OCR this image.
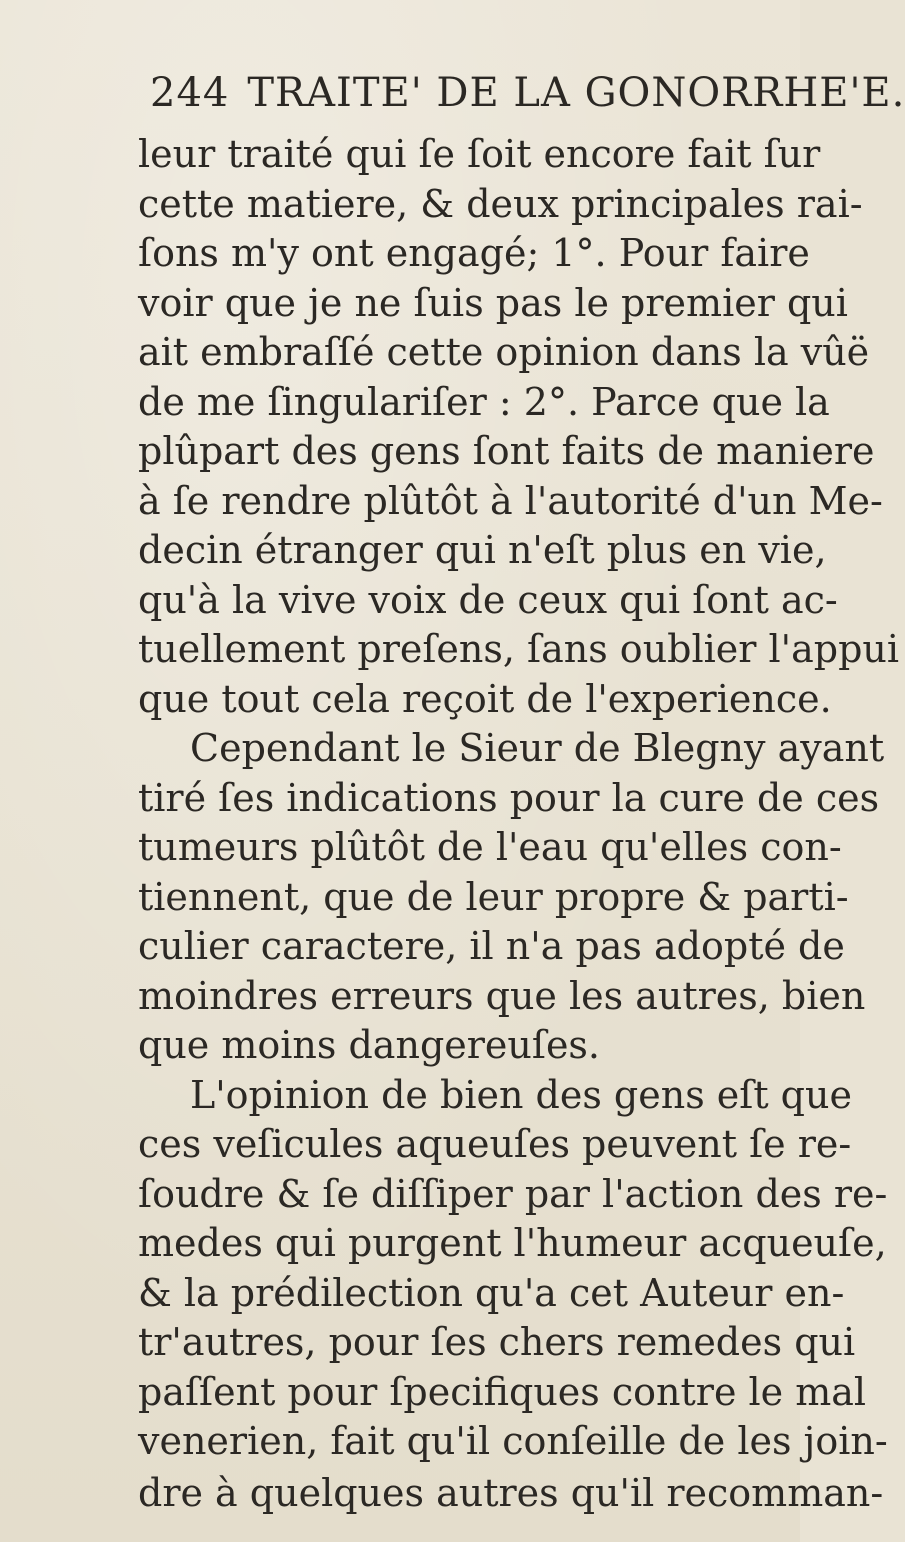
244 TRAITE' DE LA GONORRHE'E.
leur traité qui ſe ſoit encore fait ſur
cette matiere, & deux principales rai-
ſons m'y ont engagé; 1°. Pour faire
voir que je ne ſuis pas le premier qui
ait embraſſé cette opinion dans la vûë
de me ſingulariſer : 2°. Parce que la
plûpart des gens ſont faits de maniere
à ſe rendre plûtôt à l'autorité d'un Me-
decin étranger qui n'eſt plus en vie,
qu'à la vive voix de ceux qui ſont ac-
tuellement preſens, ſans oublier l'appui
que tout cela reçoit de l'experience.
Cependant le Sieur de Blegny ayant
tiré ſes indications pour la cure de ces
tumeurs plûtôt de l'eau qu'elles con-
tiennent, que de leur propre & parti-
culier caractere, il n'a pas adopté de
moindres erreurs que les autres, bien
que moins dangereuſes.
L'opinion de bien des gens eſt que
ces veſicules aqueuſes peuvent ſe re-
ſoudre & ſe diſſiper par l'action des re-
medes qui purgent l'humeur acqueuſe,
& la prédilection qu'a cet Auteur en-
tr'autres, pour ſes chers remedes qui
paſſent pour ſpecifiques contre le mal
venerien, fait qu'il conſeille de les join-
dre à quelques autres qu'il recomman-
